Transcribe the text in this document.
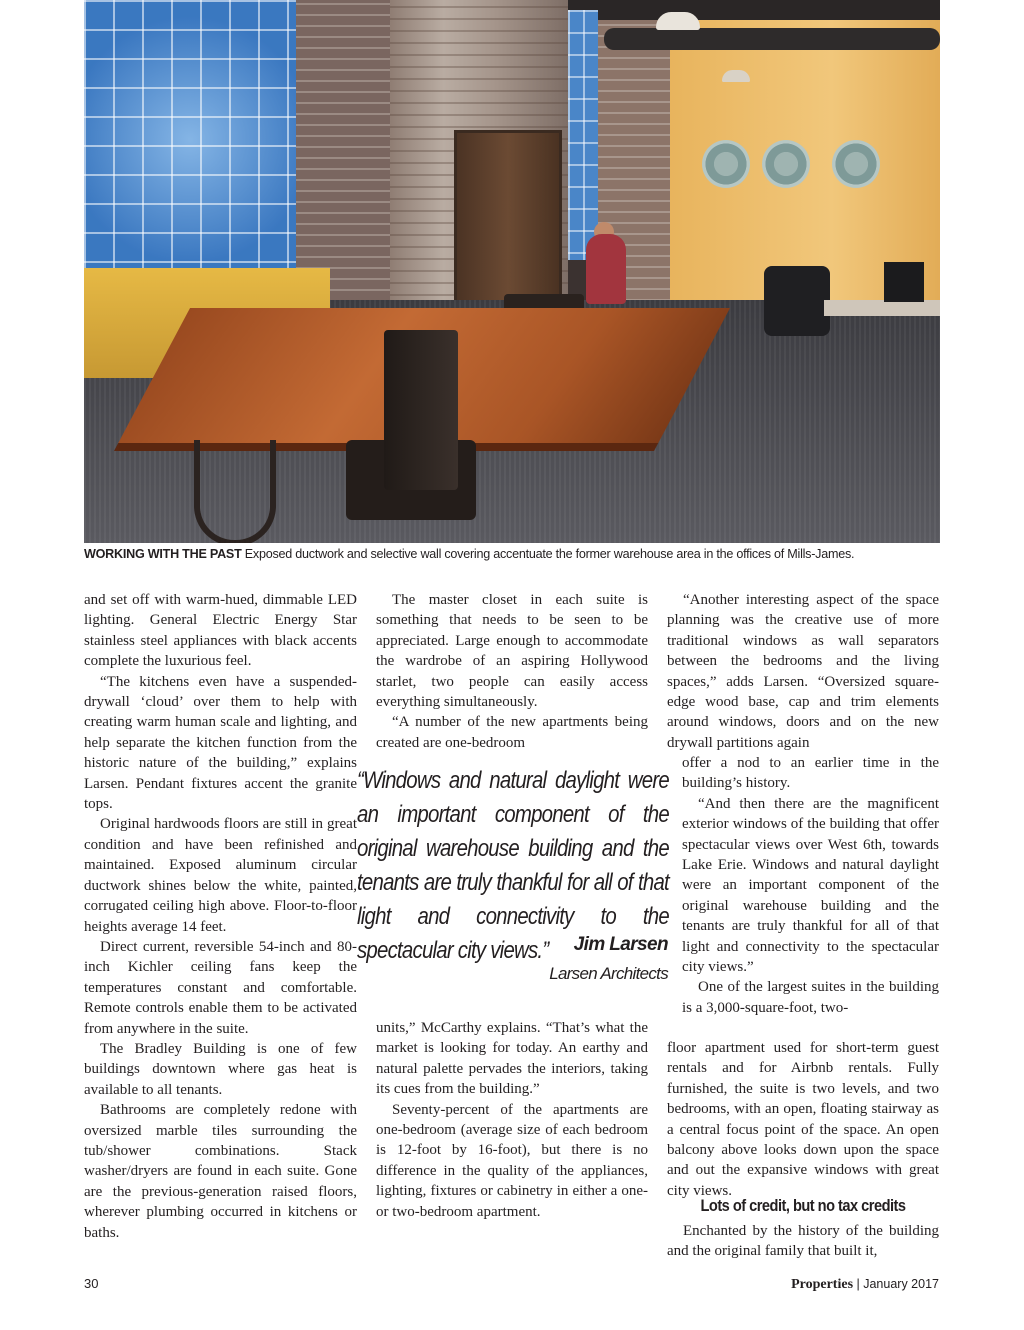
WORKING WITH THE PAST Exposed ductwork and selective wall covering accentuate the former warehouse area in the offices of Mills-James.

and set off with warm-hued, dimmable LED lighting. General Electric Energy Star stainless steel appliances with black accents complete the luxurious feel.

“The kitchens even have a suspended-drywall ‘cloud’ over them to help with creating warm human scale and lighting, and help separate the kitchen function from the historic nature of the building,” explains Larsen. Pendant fixtures accent the granite tops.

Original hardwoods floors are still in great condition and have been refinished and maintained. Exposed aluminum circular ductwork shines below the white, painted, corrugated ceiling high above. Floor-to-floor heights average 14 feet.

Direct current, reversible 54-inch and 80-inch Kichler ceiling fans keep the temperatures constant and comfortable. Remote controls enable them to be activated from anywhere in the suite.

The Bradley Building is one of few buildings downtown where gas heat is available to all tenants.

Bathrooms are completely redone with oversized marble tiles surrounding the tub/shower combinations. Stack washer/dryers are found in each suite. Gone are the previous-generation raised floors, wherever plumbing occurred in kitchens or baths.

The master closet in each suite is something that needs to be seen to be appreciated. Large enough to accommodate the wardrobe of an aspiring Hollywood starlet, two people can easily access everything simultaneously.

“A number of the new apartments being created are one-bedroom

“Windows and natural daylight were an important component of the original warehouse building and the tenants are truly thankful for all of that light and connectivity to the spectacular city views.”	Jim Larsen
Larsen Architects

units,” McCarthy explains. “That’s what the market is looking for today. An earthy and natural palette pervades the interiors, taking its cues from the building.”

Seventy-percent of the apartments are one-bedroom (average size of each bedroom is 12-foot by 16-foot), but there is no difference in the quality of the appliances, lighting, fixtures or cabinetry in either a one- or two-bedroom apartment.

“Another interesting aspect of the space planning was the creative use of more traditional windows as wall separators between the bedrooms and the living spaces,” adds Larsen. “Oversized square-edge wood base, cap and trim elements around windows, doors and on the new drywall partitions again

offer a nod to an earlier time in the building’s history.

“And then there are the magnificent exterior windows of the building that offer spectacular views over West 6th, towards Lake Erie. Windows and natural daylight were an important component of the original warehouse building and the tenants are truly thankful for all of that light and connectivity to the spectacular city views.”

One of the largest suites in the building is a 3,000-square-foot, two-

floor apartment used for short-term guest rentals and for Airbnb rentals. Fully furnished, the suite is two levels, and two bedrooms, with an open, floating stairway as a central focus point of the space. An open balcony above looks down upon the space and out the expansive windows with great city views.

Lots of credit, but no tax credits

Enchanted by the history of the building and the original family that built it,

30	Properties | January 2017
